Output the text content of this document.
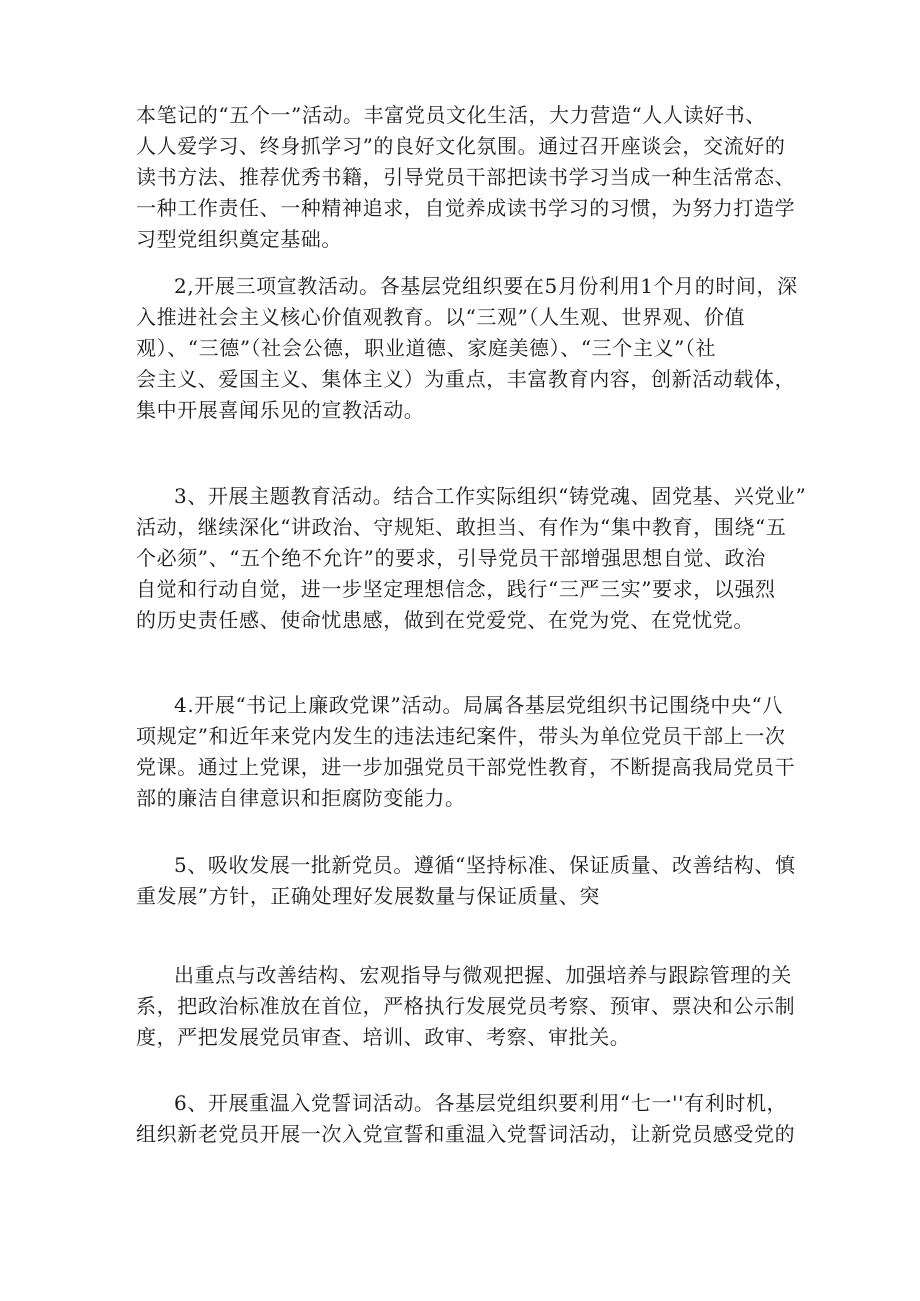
本笔记的“五个一”活动。丰富党员文化生活，大力营造“人人读好书、
人人爱学习、终身抓学习”的良好文化氛围。通过召开座谈会，交流好的
读书方法、推荐优秀书籍，引导党员干部把读书学习当成一种生活常态、
一种工作责任、一种精神追求，自觉养成读书学习的习惯，为努力打造学
习型党组织奠定基础。

2,开展三项宣教活动。各基层党组织要在5月份利用1个月的时间，深
入推进社会主义核心价值观教育。以“三观”（人生观、世界观、价值
观）、“三德”（社会公德，职业道德、家庭美德）、“三个主义”（社
会主义、爱国主义、集体主义）为重点，丰富教育内容，创新活动载体，
集中开展喜闻乐见的宣教活动。

3、开展主题教育活动。结合工作实际组织“铸党魂、固党基、兴党业”
活动，继续深化“讲政治、守规矩、敢担当、有作为“集中教育，围绕“五
个必须”、“五个绝不允许”的要求，引导党员干部增强思想自觉、政治
自觉和行动自觉，进一步坚定理想信念，践行“三严三实”要求，以强烈
的历史责任感、使命忧患感，做到在党爱党、在党为党、在党忧党。

4.开展“书记上廉政党课”活动。局属各基层党组织书记围绕中央“八
项规定”和近年来党内发生的违法违纪案件，带头为单位党员干部上一次
党课。通过上党课，进一步加强党员干部党性教育，不断提高我局党员干
部的廉洁自律意识和拒腐防变能力。

5、吸收发展一批新党员。遵循“坚持标准、保证质量、改善结构、慎
重发展”方针，正确处理好发展数量与保证质量、突

出重点与改善结构、宏观指导与微观把握、加强培养与跟踪管理的关
系，把政治标准放在首位，严格执行发展党员考察、预审、票决和公示制
度，严把发展党员审查、培训、政审、考察、审批关。

6、开展重温入党誓词活动。各基层党组织要利用“七一''有利时机，
组织新老党员开展一次入党宣誓和重温入党誓词活动，让新党员感受党的
